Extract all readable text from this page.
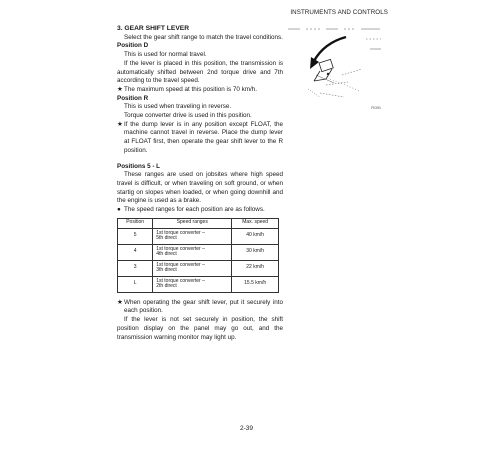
INSTRUMENTS AND CONTROLS

3. GEAR SHIFT LEVER

Select the gear shift range to match the travel conditions.

Position D

This is used for normal travel.

If the lever is placed in this position, the transmission is automatically shifted between 2nd torque drive and 7th according to the travel speed.

★ The maximum speed at this position is 70 km/h.

Position R

This is used when traveling in reverse.

Torque converter drive is used in this position.

★ If the dump lever is in any position except FLOAT, the machine cannot travel in reverse. Place the dump lever at FLOAT first, then operate the gear shift lever to the R position.

Positions 5 - L

These ranges are used on jobsites where high speed travel is difficult, or when traveling on soft ground, or when startig on slopes when loaded, or when going downhill and the engine is used as a brake.

● The speed ranges for each position are as follows.
Position	Speed ranges	Max. speed
5	1st torque converter –
5th direct	40 km/h
4	1st torque converter –
4th direct	30 km/h
3	1st torque converter –
3th direct	22 km/h
L	1st torque converter –
2th direct	15.5 km/h
★ When operating the gear shift lever, put it securely into each position.

If the lever is not set securely in position, the shift position display on the panel may go out, and the transmission warning monitor may light up.

FIO91
2-39
